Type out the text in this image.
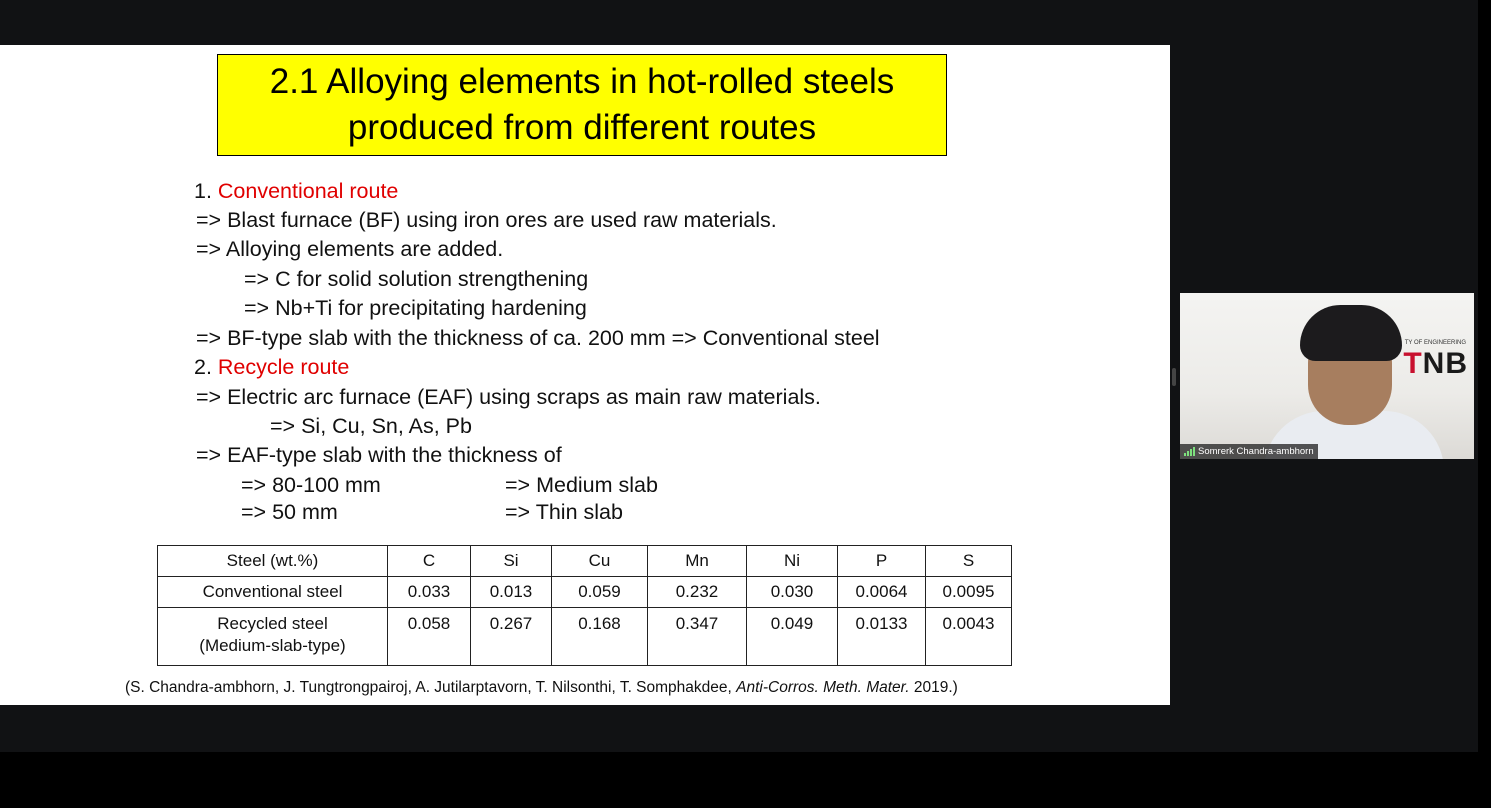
2.1 Alloying elements in hot-rolled steels
produced from different routes
1. Conventional route
=> Blast furnace (BF) using iron ores are used raw materials.
=> Alloying elements are added.
=> C for solid solution strengthening
=> Nb+Ti for precipitating hardening
=> BF-type slab with the thickness of ca. 200 mm => Conventional steel
2. Recycle route
=> Electric arc furnace (EAF) using scraps as main raw materials.
=> Si, Cu, Sn, As, Pb
=> EAF-type slab with the thickness of
=> 80-100 mm	=> Medium slab
=> 50 mm	=> Thin slab
Steel (wt.%)	C	Si	Cu	Mn	Ni	P	S
Conventional steel	0.033	0.013	0.059	0.232	0.030	0.0064	0.0095

Recycled steel
(Medium-slab-type)	0.058	0.267	0.168	0.347	0.049	0.0133	0.0043
(S. Chandra-ambhorn, J. Tungtrongpairoj, A. Jutilarptavorn, T. Nilsonthi, T. Somphakdee, Anti-Corros. Meth. Mater. 2019.)
TY OF ENGINEERING
TNB
Somrerk Chandra-ambhorn
